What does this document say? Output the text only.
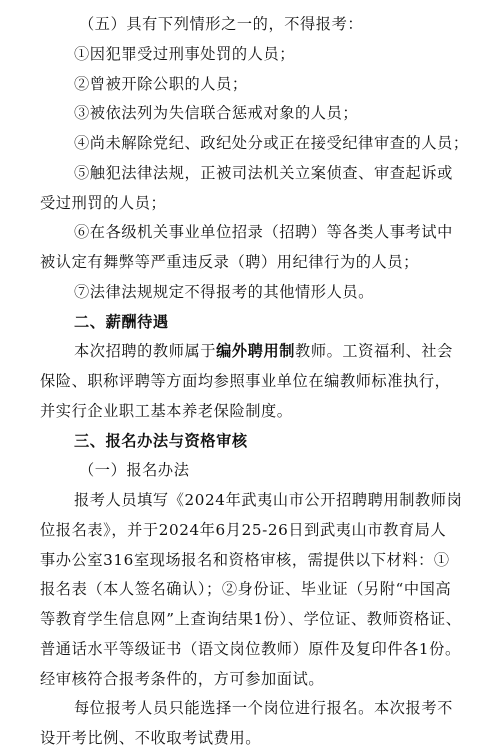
（五）具有下列情形之一的，不得报考：
①因犯罪受过刑事处罚的人员；
②曾被开除公职的人员；
③被依法列为失信联合惩戒对象的人员；
④尚未解除党纪、政纪处分或正在接受纪律审查的人员；
⑤触犯法律法规，正被司法机关立案侦查、审查起诉或
受过刑罚的人员；
⑥在各级机关事业单位招录（招聘）等各类人事考试中
被认定有舞弊等严重违反录（聘）用纪律行为的人员；
⑦法律法规规定不得报考的其他情形人员。
二、薪酬待遇
本次招聘的教师属于编外聘用制教师。工资福利、社会
保险、职称评聘等方面均参照事业单位在编教师标准执行，
并实行企业职工基本养老保险制度。
三、报名办法与资格审核
（一）报名办法
报考人员填写《2024年武夷山市公开招聘聘用制教师岗
位报名表》，并于2024年6月25-26日到武夷山市教育局人
事办公室316室现场报名和资格审核，需提供以下材料：①
报名表（本人签名确认）；②身份证、毕业证（另附“中国高
等教育学生信息网”上查询结果1份）、学位证、教师资格证、
普通话水平等级证书（语文岗位教师）原件及复印件各1份。
经审核符合报考条件的，方可参加面试。
每位报考人员只能选择一个岗位进行报名。本次报考不
设开考比例、不收取考试费用。
